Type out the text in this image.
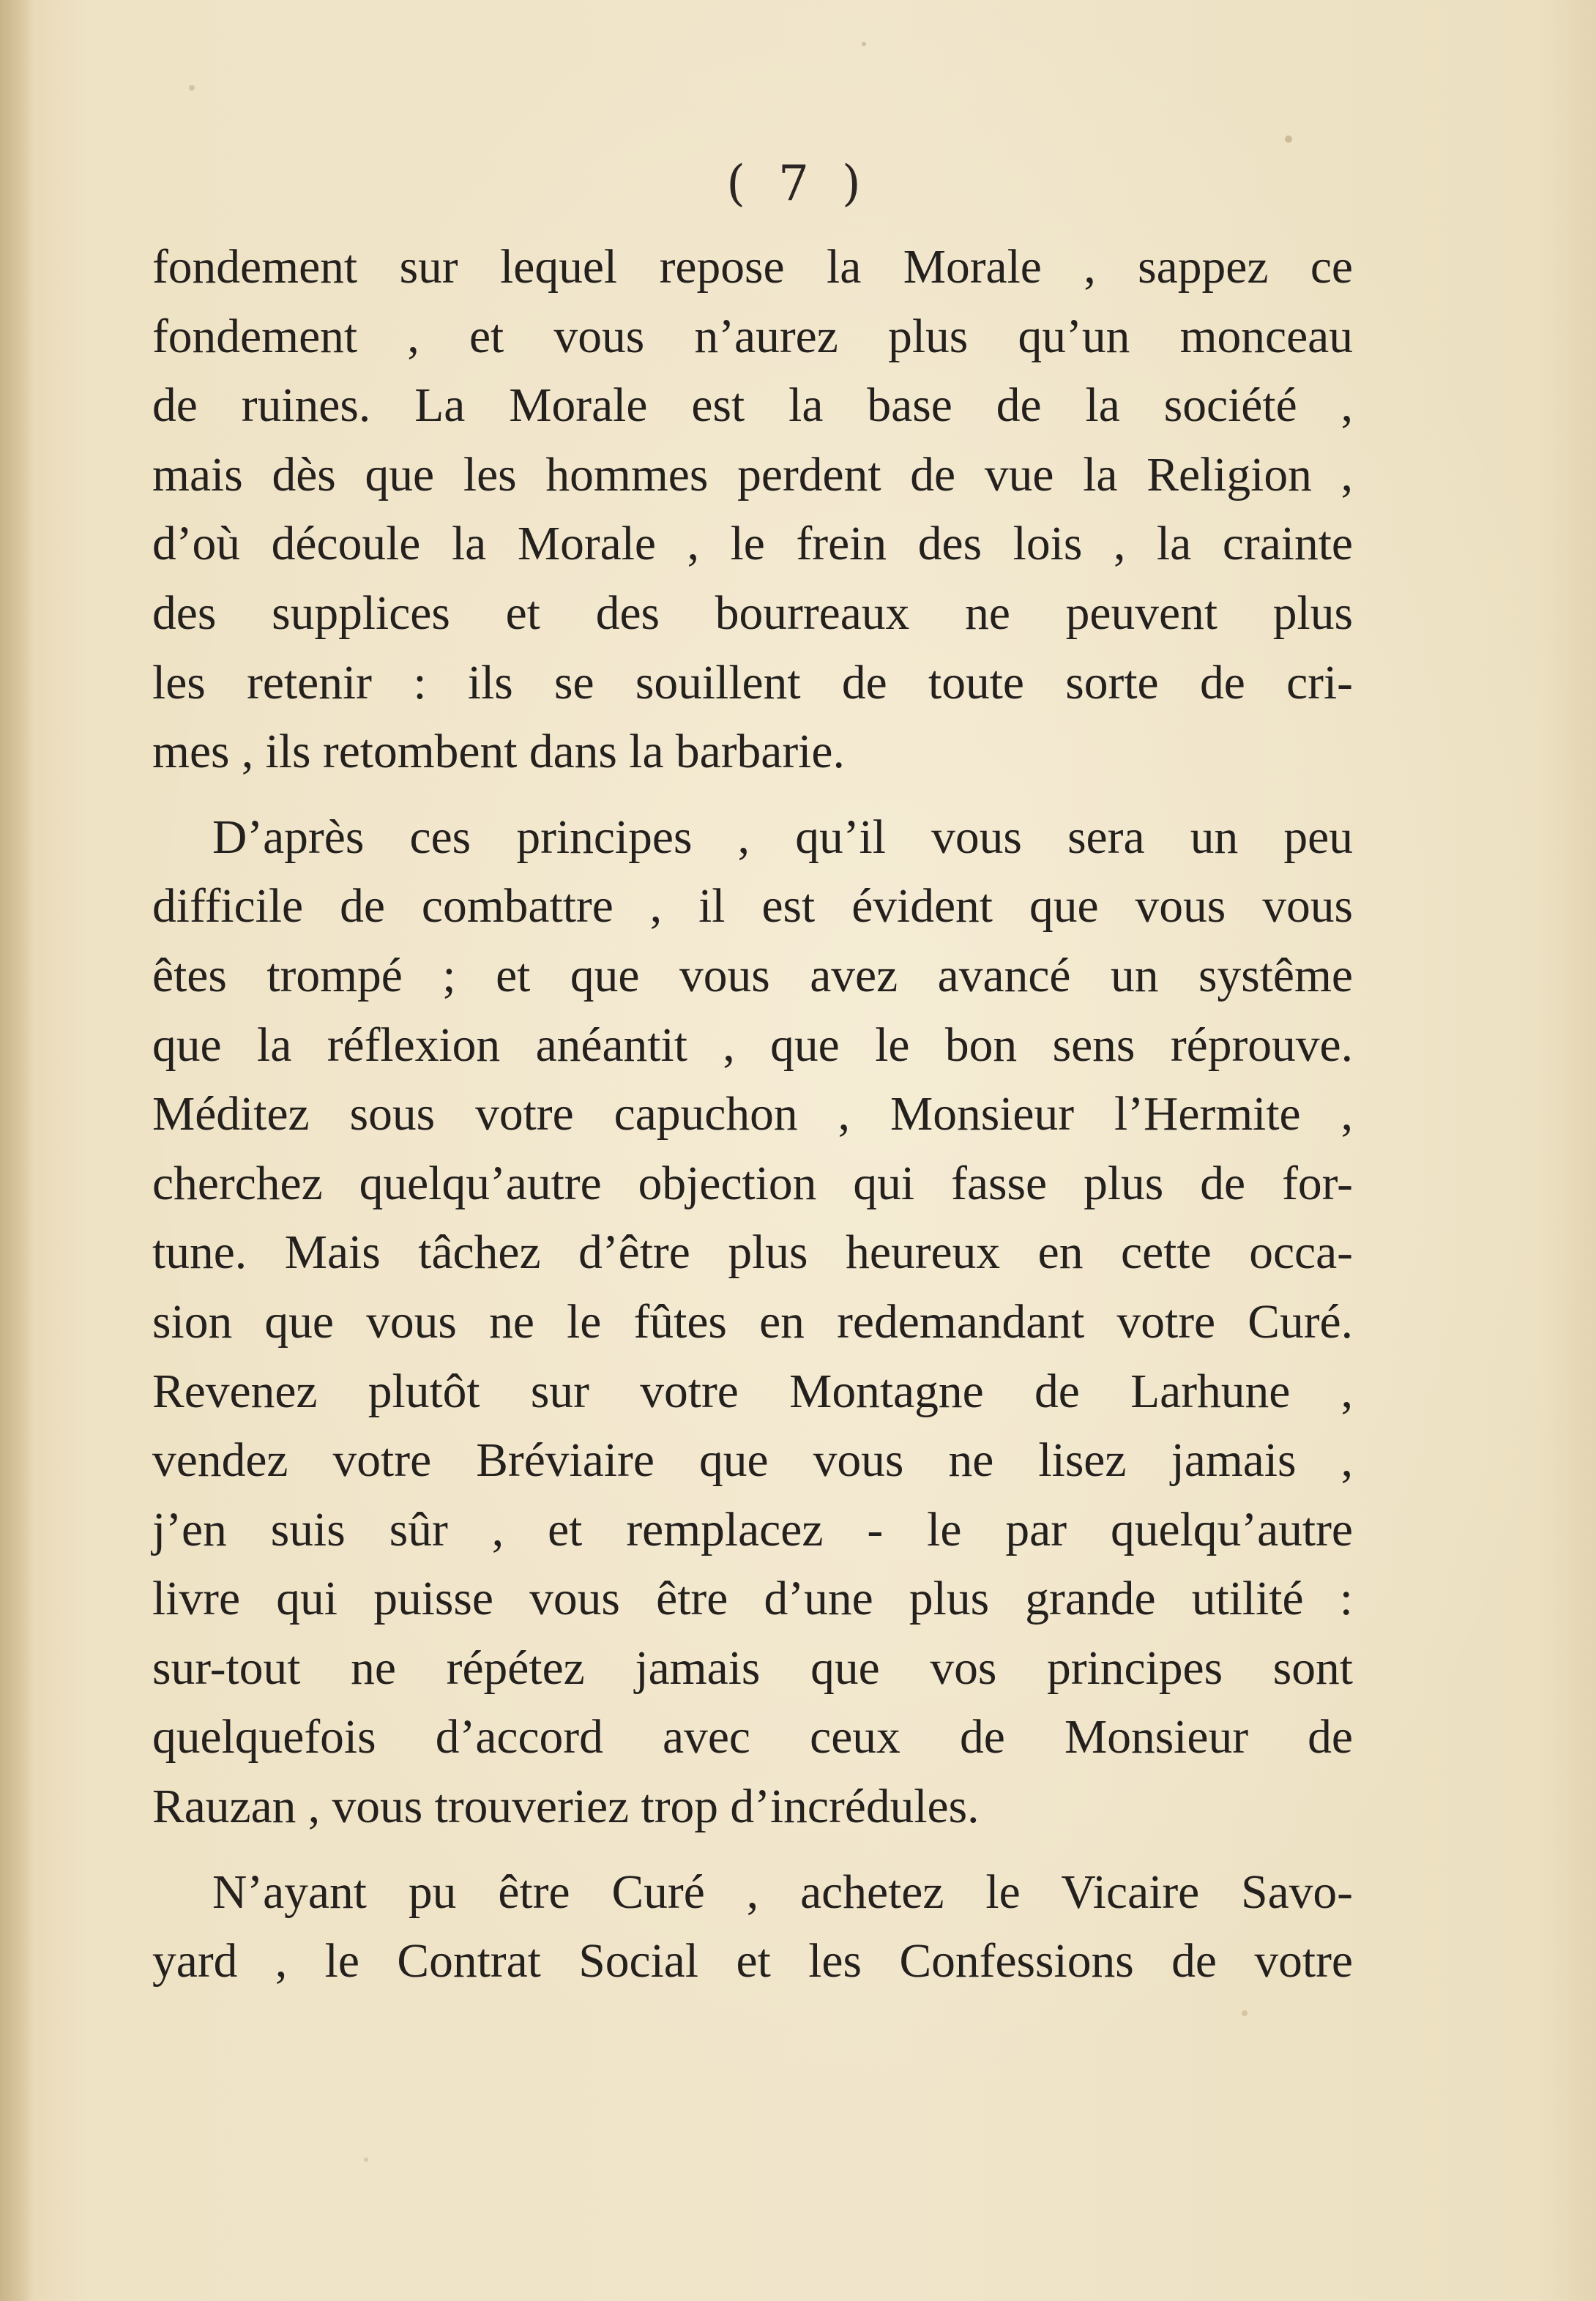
( 7 )
fondement sur lequel repose la Morale , sappez ce
fondement , et vous n’aurez plus qu’un monceau
de ruines. La Morale est la base de la société ,
mais dès que les hommes perdent de vue la Religion ,
d’où découle la Morale , le frein des lois , la crainte
des supplices et des bourreaux ne peuvent plus
les retenir : ils se souillent de toute sorte de cri-
mes , ils retombent dans la barbarie.
D’après ces principes , qu’il vous sera un peu
difficile de combattre , il est évident que vous vous
êtes trompé ; et que vous avez avancé un systême
que la réflexion anéantit , que le bon sens réprouve.
Méditez sous votre capuchon , Monsieur l’Hermite ,
cherchez quelqu’autre objection qui fasse plus de for-
tune. Mais tâchez d’être plus heureux en cette occa-
sion que vous ne le fûtes en redemandant votre Curé.
Revenez plutôt sur votre Montagne de Larhune ,
vendez votre Bréviaire que vous ne lisez jamais ,
j’en suis sûr , et remplacez - le par quelqu’autre
livre qui puisse vous être d’une plus grande utilité :
sur-tout ne répétez jamais que vos principes sont
quelquefois d’accord avec ceux de Monsieur de
Rauzan , vous trouveriez trop d’incrédules.
N’ayant pu être Curé , achetez le Vicaire Savo-
yard , le Contrat Social et les Confessions de votre
